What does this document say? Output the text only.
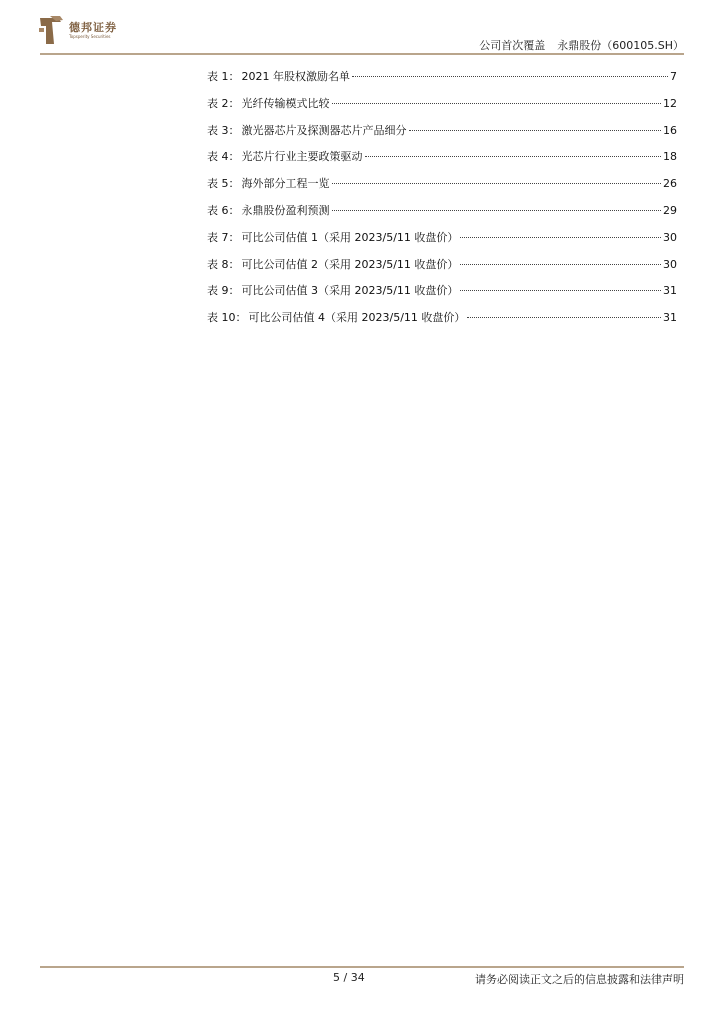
德邦证券
Topsperity Securities
公司首次覆盖 永鼎股份（600105.SH）
表 1： 2021 年股权激励名单	7
表 2： 光纤传输模式比较	12
表 3： 激光器芯片及探测器芯片产品细分	16
表 4： 光芯片行业主要政策驱动	18
表 5： 海外部分工程一览	26
表 6： 永鼎股份盈利预测	29
表 7： 可比公司估值 1（采用 2023/5/11 收盘价）	30
表 8： 可比公司估值 2（采用 2023/5/11 收盘价）	30
表 9： 可比公司估值 3（采用 2023/5/11 收盘价）	31
表 10： 可比公司估值 4（采用 2023/5/11 收盘价）	31
5 / 34	请务必阅读正文之后的信息披露和法律声明
